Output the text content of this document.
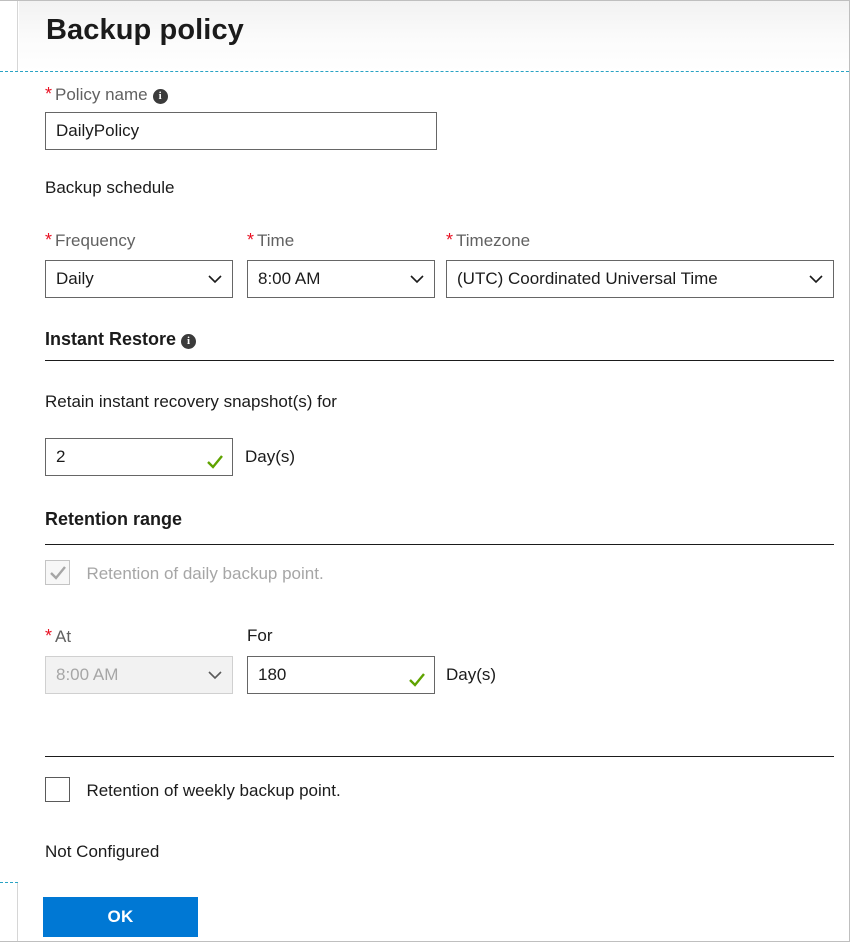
Backup policy
* Policy name i
DailyPolicy
Backup schedule
* Frequency
Daily
* Time
8:00 AM
* Timezone
(UTC) Coordinated Universal Time
Instant Restore i
Retain instant recovery snapshot(s) for
2	Day(s)
Retention range
Retention of daily backup point.
* At
8:00 AM
For
180	Day(s)
Retention of weekly backup point.
Not Configured
OK
